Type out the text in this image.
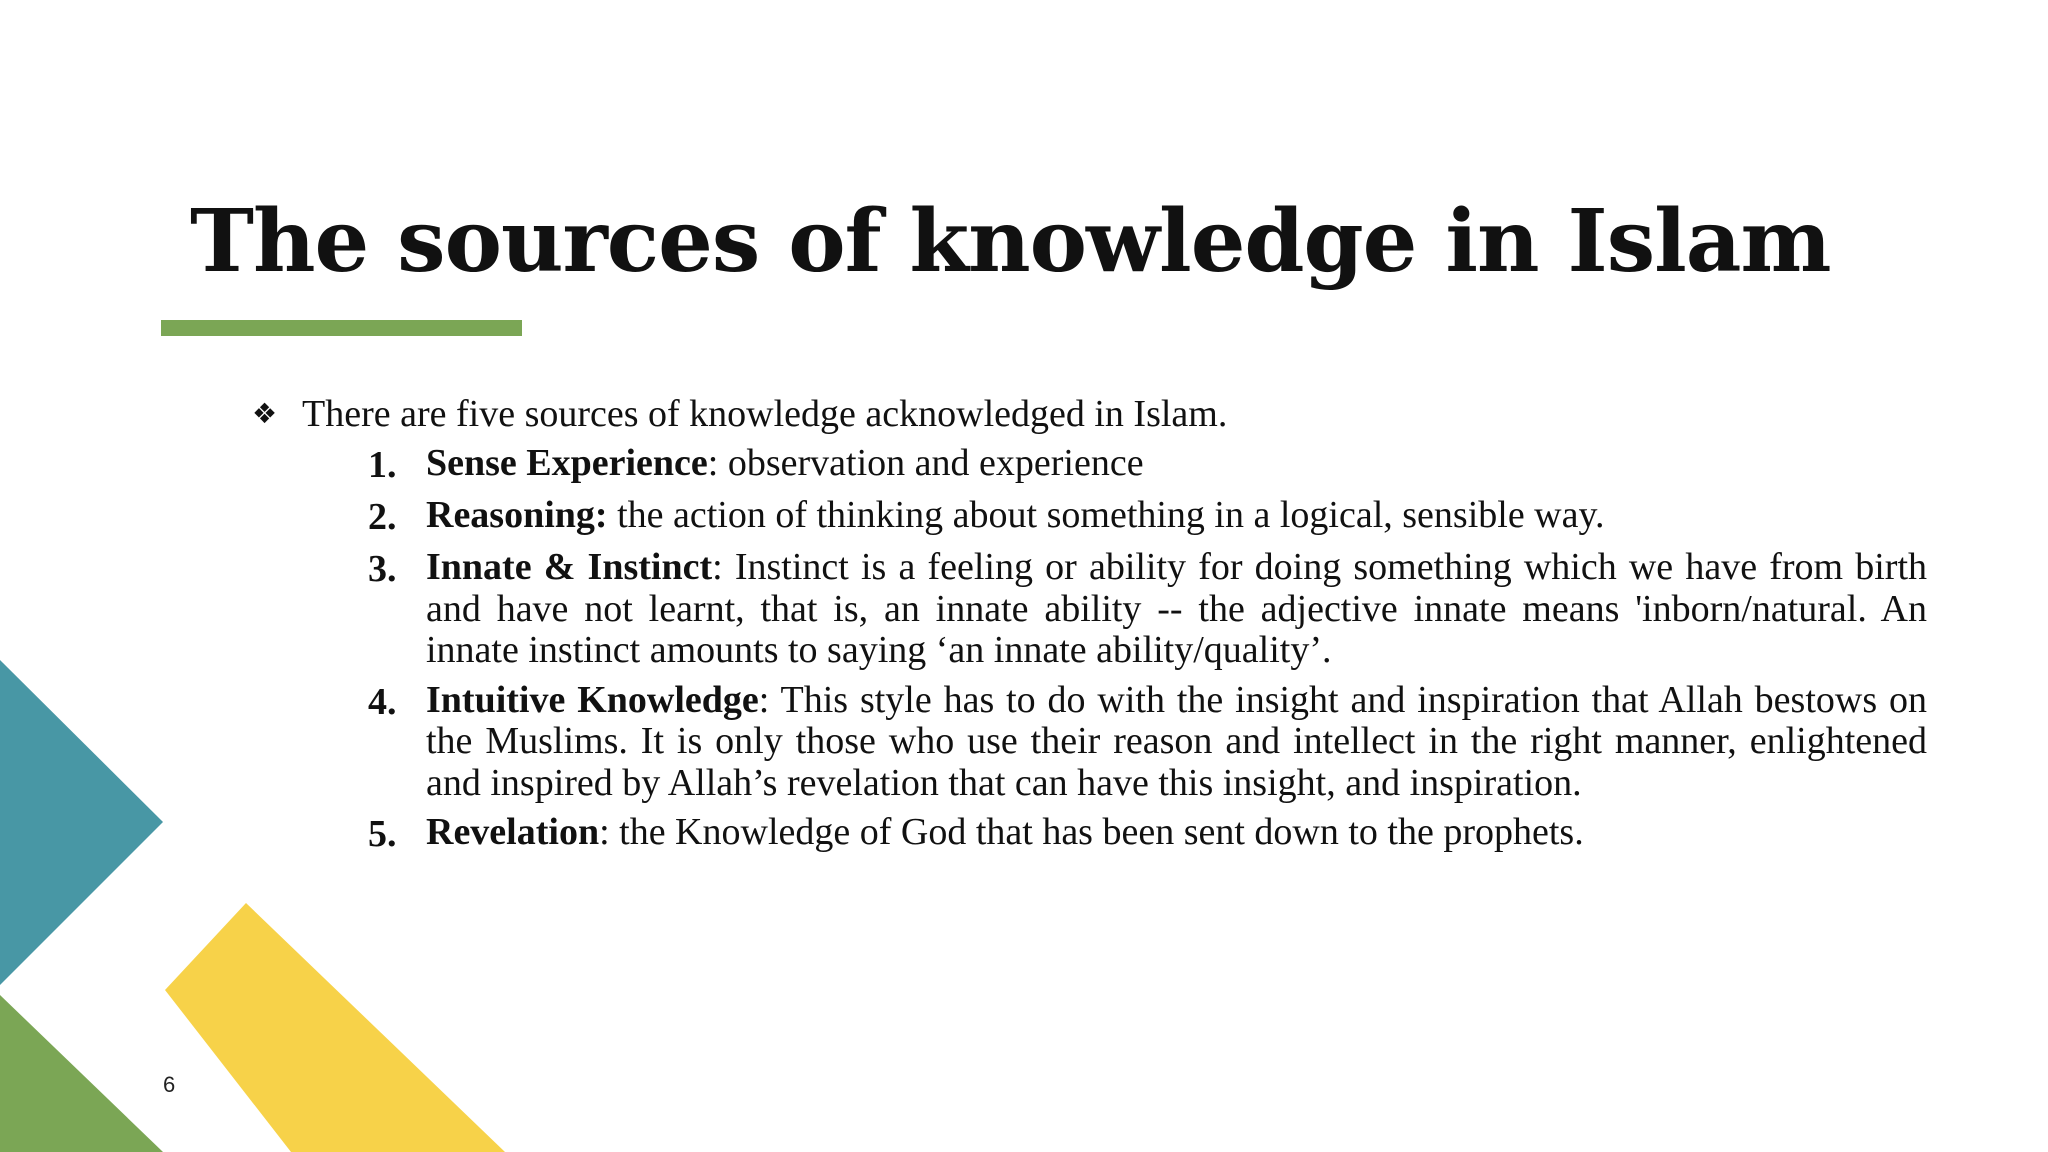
The sources of knowledge in Islam

❖ There are five sources of knowledge acknowledged in Islam.

1. Sense Experience: observation and experience

2. Reasoning: the action of thinking about something in a logical, sensible way.

3. Innate & Instinct: Instinct is a feeling or ability for doing something which we have from birth and have not learnt, that is, an innate ability -- the adjective innate means 'inborn/natural. An innate instinct amounts to saying ‘an innate ability/quality’.

4. Intuitive Knowledge: This style has to do with the insight and inspiration that Allah bestows on the Muslims. It is only those who use their reason and intellect in the right manner, enlightened and inspired by Allah’s revelation that can have this insight, and inspiration.

5. Revelation: the Knowledge of God that has been sent down to the prophets.

6
